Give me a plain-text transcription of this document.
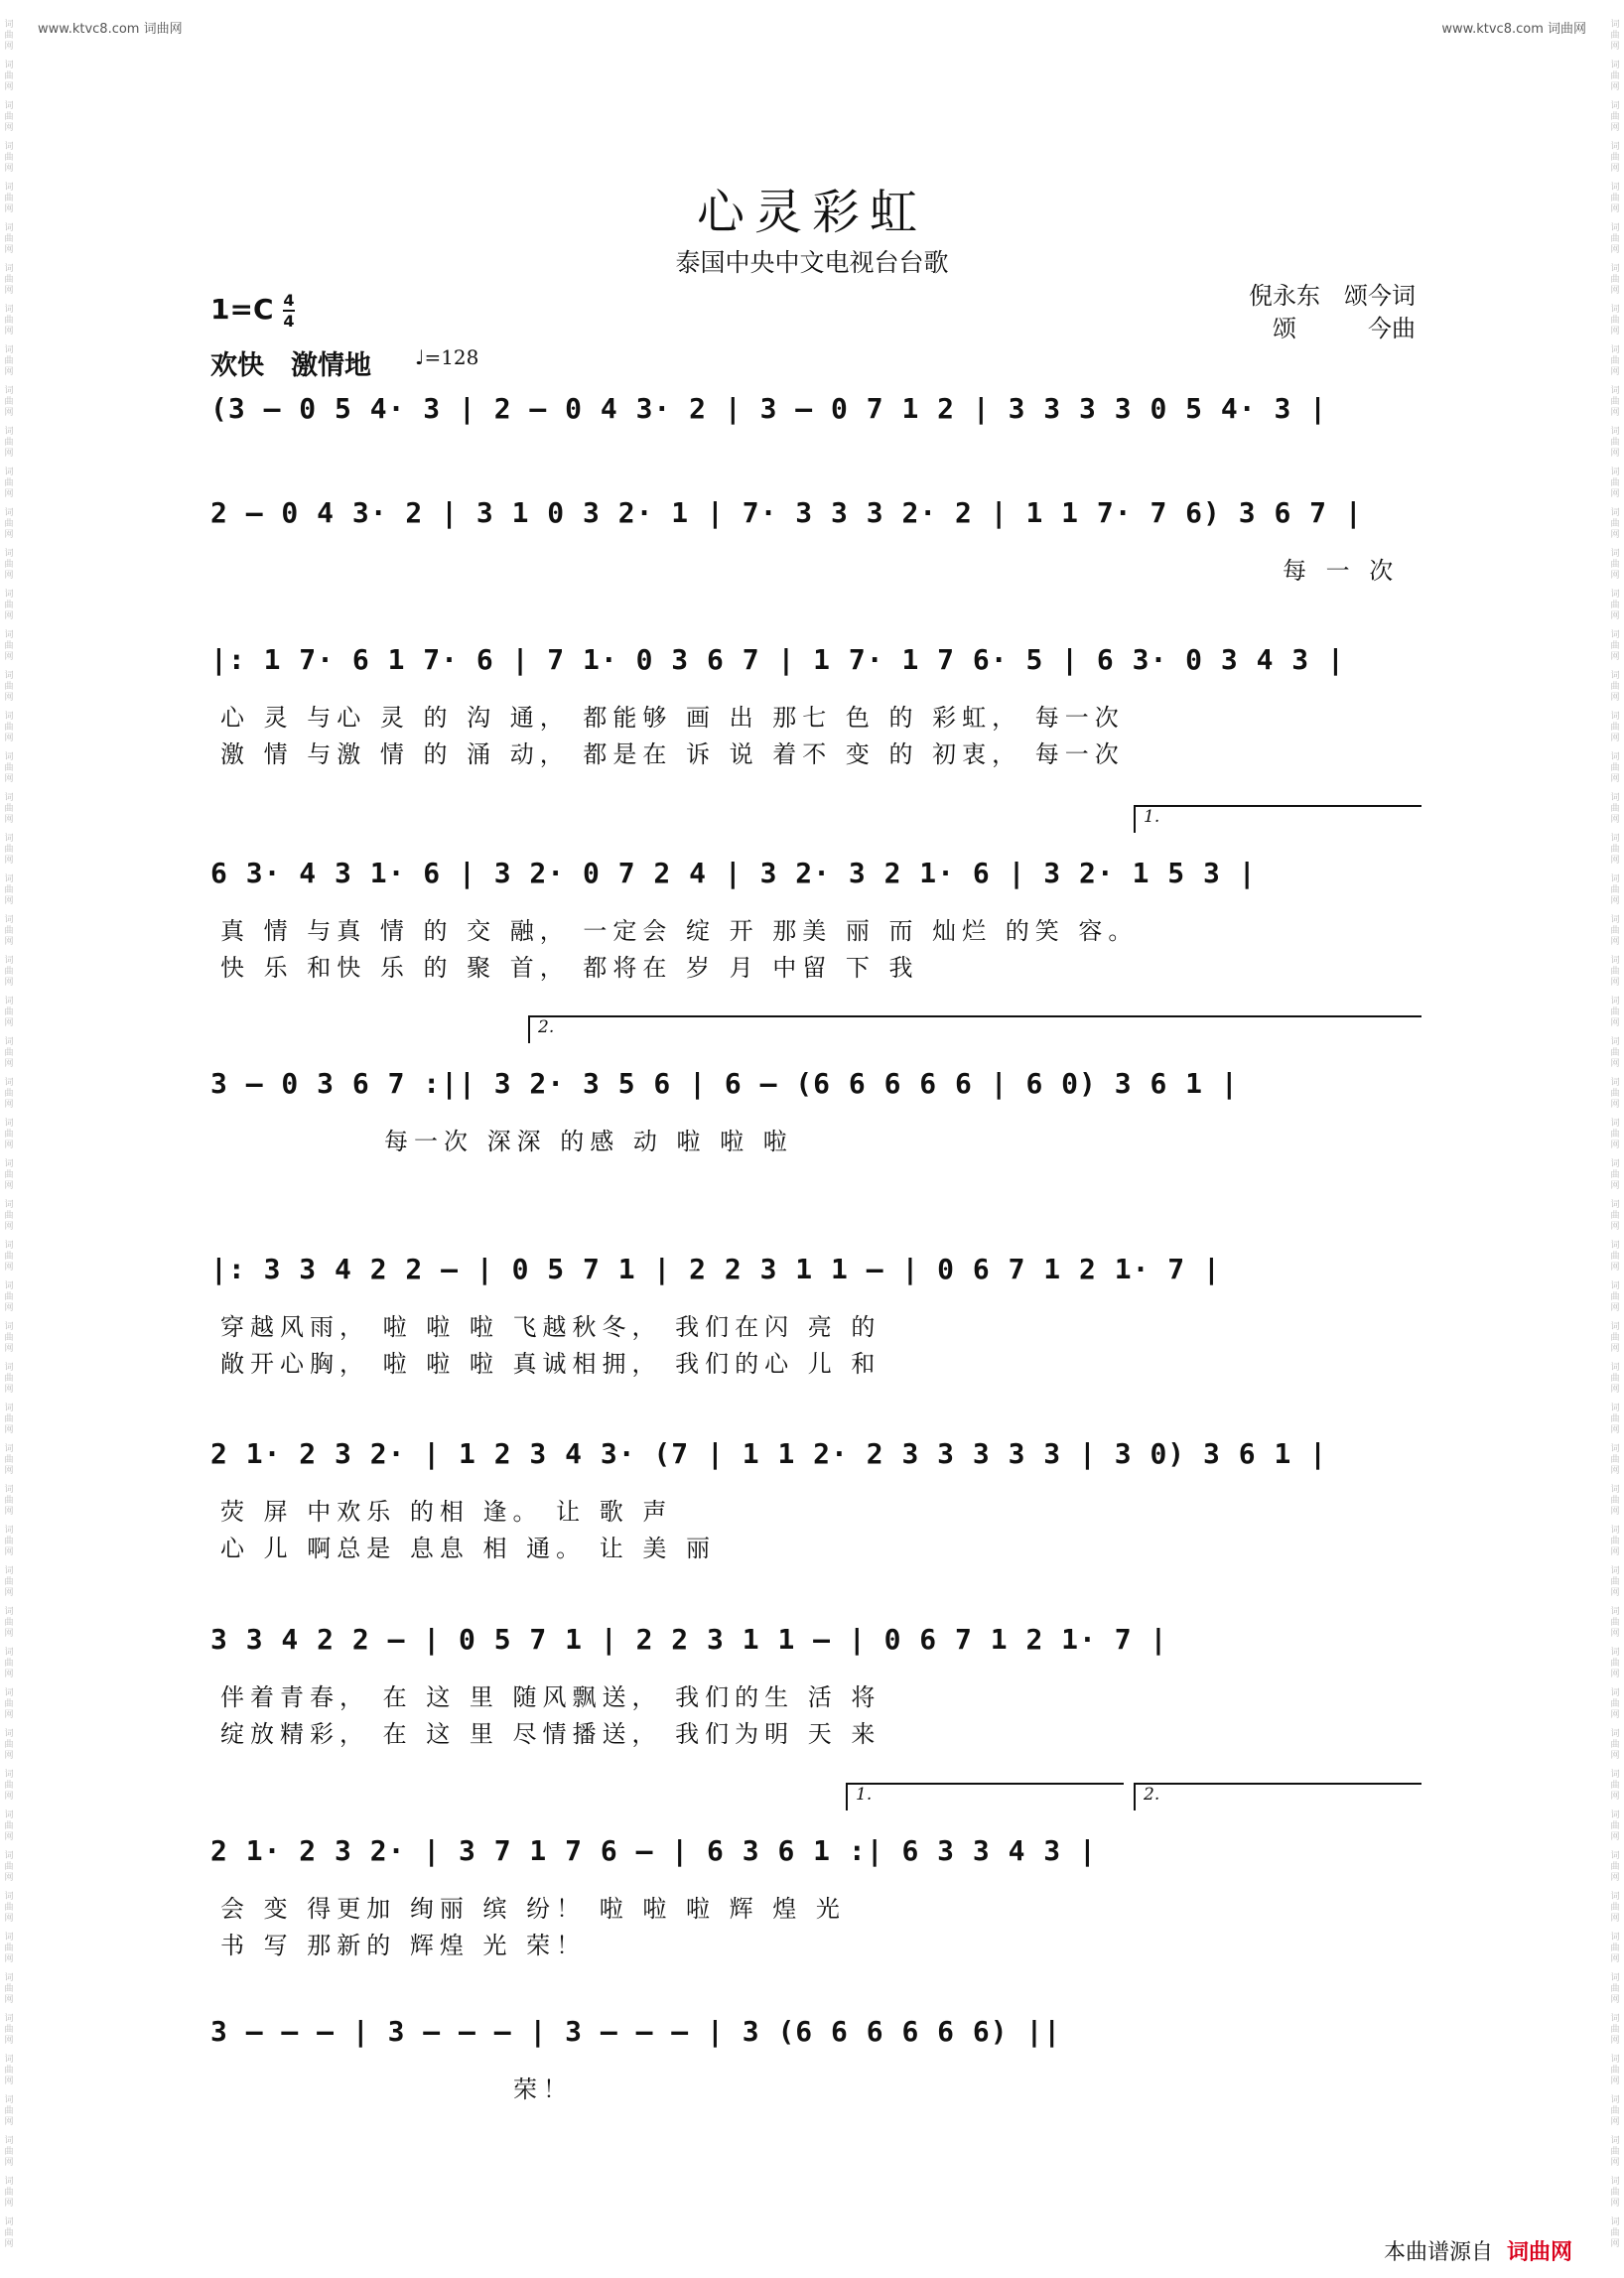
www.ktvc8.com 词曲网	www.ktvc8.com 词曲网
词
曲
网
词
曲
网
词
曲
网
词
曲
网
词
曲
网
词
曲
网
词
曲
网
词
曲
网
词
曲
网
词
曲
网
词
曲
网
词
曲
网
词
曲
网
词
曲
网
词
曲
网
词
曲
网
词
曲
网
词
曲
网
词
曲
网
词
曲
网
词
曲
网
词
曲
网
词
曲
网
词
曲
网
词
曲
网
词
曲
网
词
曲
网
词
曲
网
词
曲
网
词
曲
网
词
曲
网
词
曲
网
词
曲
网
词
曲
网
词
曲
网
词
曲
网
词
曲
网
词
曲
网
词
曲
网
词
曲
网
词
曲
网
词
曲
网
词
曲
网
词
曲
网
词
曲
网
词
曲
网
词
曲
网
词
曲
网
词
曲
网
词
曲
网
词
曲
网
词
曲
网
词
曲
网
词
曲
网
词
曲
网
词
曲
网
词
曲
网
词
曲
网
词
曲
网
词
曲
网
词
曲
网
词
曲
网
词
曲
网
词
曲
网
词
曲
网
词
曲
网
词
曲
网
词
曲
网
词
曲
网
词
曲
网
词
曲
网
词
曲
网
词
曲
网
词
曲
网
词
曲
网
词
曲
网
词
曲
网
词
曲
网
词
曲
网
词
曲
网
词
曲
网
词
曲
网
词
曲
网
词
曲
网
词
曲
网
词
曲
网
词
曲
网
词
曲
网
词
曲
网
词
曲
网
词
曲
网
词
曲
网
词
曲
网
词
曲
网
词
曲
网
词
曲
网
词
曲
网
词
曲
网
词
曲
网
词
曲
网
词
曲
网
词
曲
网
词
曲
网
词
曲
网
词
曲
网
词
曲
网
词
曲
网
词
曲
网
词
曲
网
词
曲
网
心灵彩虹
泰国中央中文电视台台歌
倪永东　颂今词
颂　　　今曲
1=C 4
4
欢快　激情地 ♩=128
(3 – 0 5 4· 3 | 2 – 0 4 3· 2 | 3 – 0 7 1 2 | 3 3 3 3 0 5 4· 3 |
2 – 0 4 3· 2 | 3 1 0 3 2· 1 | 7· 3 3 3 2· 2 | 1 1 7· 7 6) 3 6 7 |
每 一 次
|: 1 7· 6 1 7· 6 | 7 1· 0 3 6 7 | 1 7· 1 7 6· 5 | 6 3· 0 3 4 3 |
心 灵 与心 灵 的 沟 通， 都能够 画 出 那七 色 的 彩虹， 每一次
激 情 与激 情 的 涌 动， 都是在 诉 说 着不 变 的 初衷， 每一次
1.
6 3· 4 3 1· 6 | 3 2· 0 7 2 4 | 3 2· 3 2 1· 6 | 3 2· 1 5 3 |
真 情 与真 情 的 交 融， 一定会 绽 开 那美 丽 而 灿烂 的笑 容。
快 乐 和快 乐 的 聚 首， 都将在 岁 月 中留 下 我
2.
3 – 0 3 6 7 :|| 3 2· 3 5 6 | 6 – (6 6 6 6 6 | 6 0) 3 6 1 |
每一次 深深 的感 动 啦 啦 啦
|: 3 3 4 2 2 – | 0 5 7 1 | 2 2 3 1 1 – | 0 6 7 1 2 1· 7 |
穿越风雨， 啦 啦 啦 飞越秋冬， 我们在闪 亮 的
敞开心胸， 啦 啦 啦 真诚相拥， 我们的心 儿 和
2 1· 2 3 2· | 1 2 3 4 3· (7 | 1 1 2· 2 3 3 3 3 3 | 3 0) 3 6 1 |
荧 屏 中欢乐 的相 逢。 让 歌 声
心 儿 啊总是 息息 相 通。 让 美 丽
3 3 4 2 2 – | 0 5 7 1 | 2 2 3 1 1 – | 0 6 7 1 2 1· 7 |
伴着青春， 在 这 里 随风飘送， 我们的生 活 将
绽放精彩， 在 这 里 尽情播送， 我们为明 天 来
1.	2.
2 1· 2 3 2· | 3 7 1 7 6 – | 6 3 6 1 :| 6 3 3 4 3 |
会 变 得更加 绚丽 缤 纷！ 啦 啦 啦 辉 煌 光
书 写 那新的 辉煌 光 荣！
3 – – – | 3 – – – | 3 – – – | 3 (6 6 6 6 6 6) ||
荣！
本曲谱源自 词曲网
